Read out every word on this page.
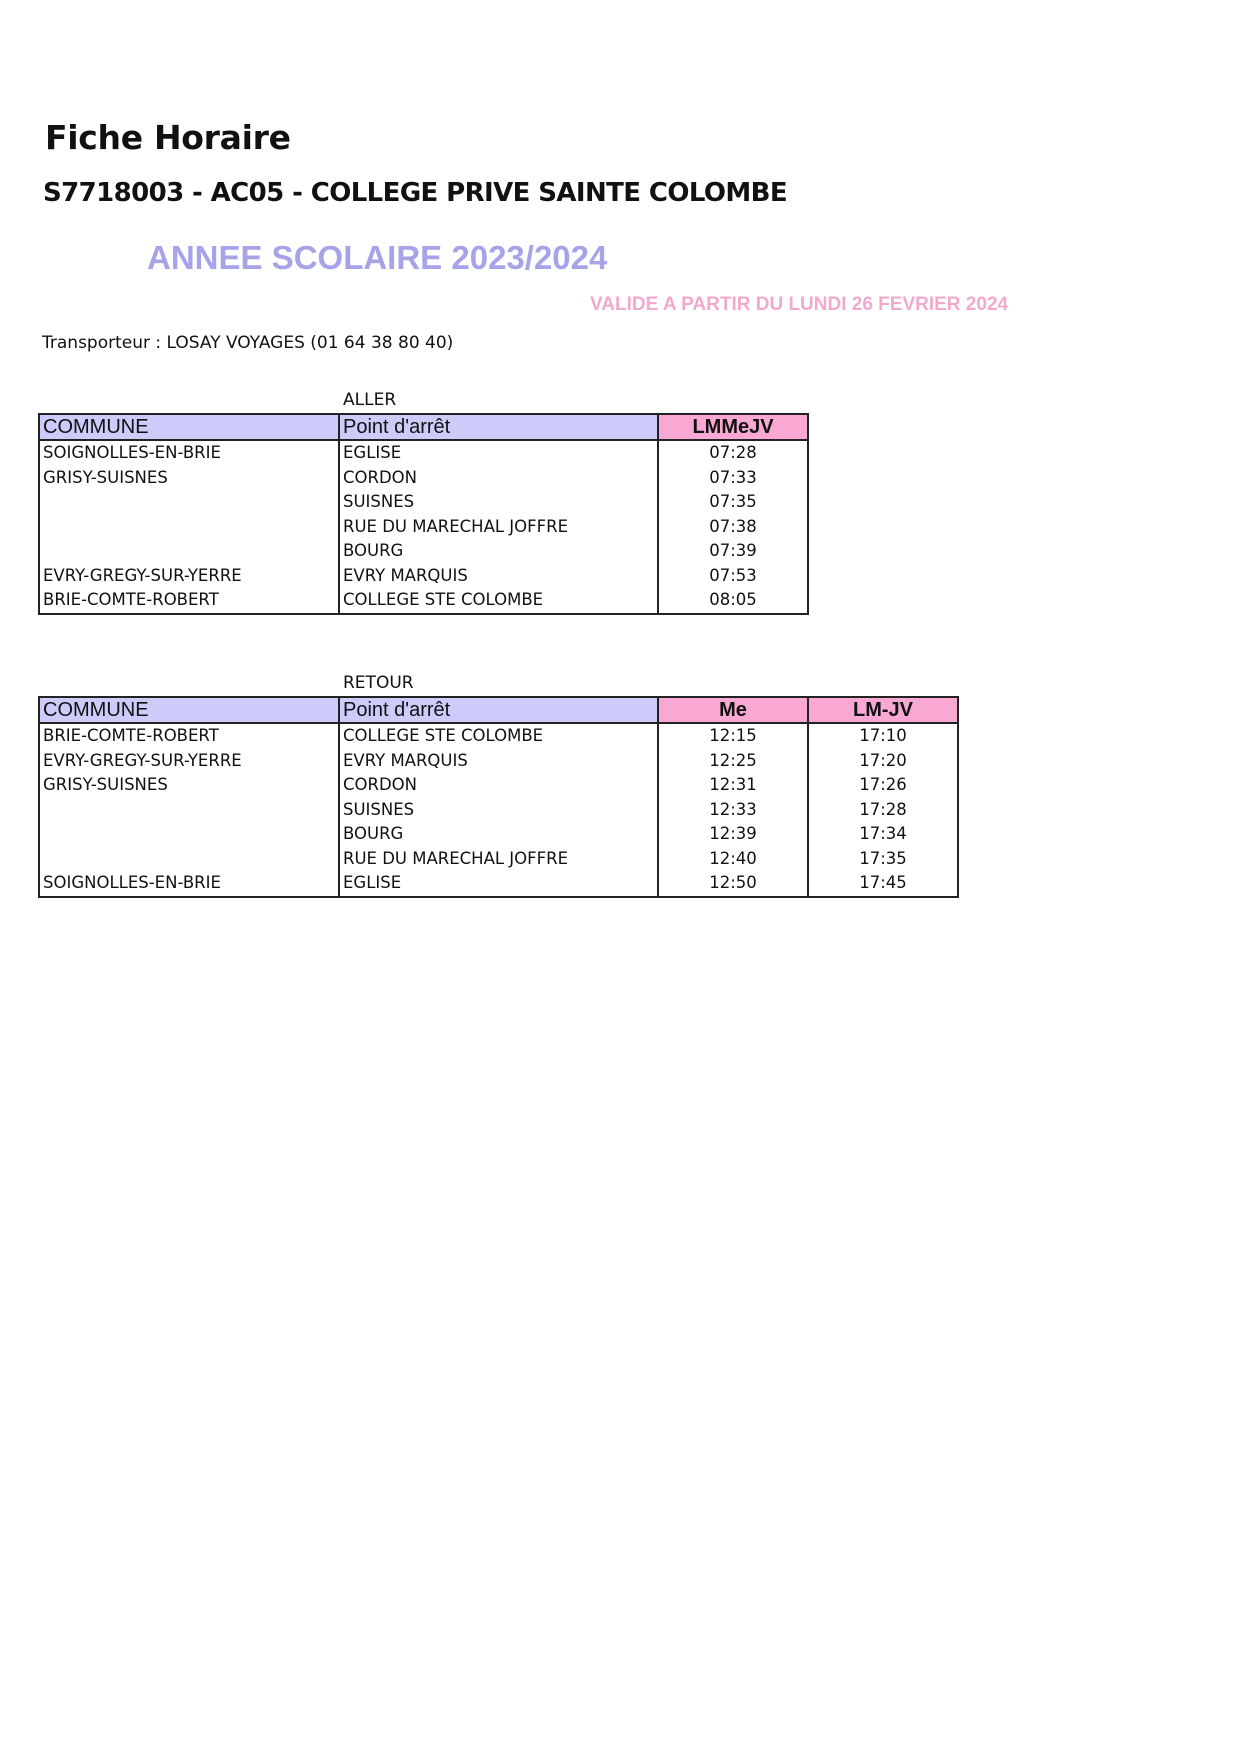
Fiche Horaire
S7718003 - AC05 - COLLEGE PRIVE SAINTE COLOMBE
ANNEE SCOLAIRE 2023/2024
VALIDE A PARTIR DU LUNDI 26 FEVRIER 2024
Transporteur : LOSAY VOYAGES (01 64 38 80 40)
ALLER
COMMUNE	Point d'arrêt	LMMeJV
SOIGNOLLES-EN-BRIE	EGLISE	07:28
GRISY-SUISNES	CORDON	07:33
	SUISNES	07:35
	RUE DU MARECHAL JOFFRE	07:38
	BOURG	07:39
EVRY-GREGY-SUR-YERRE	EVRY MARQUIS	07:53
BRIE-COMTE-ROBERT	COLLEGE STE COLOMBE	08:05
RETOUR
COMMUNE	Point d'arrêt	Me	LM-JV
BRIE-COMTE-ROBERT	COLLEGE STE COLOMBE	12:15	17:10
EVRY-GREGY-SUR-YERRE	EVRY MARQUIS	12:25	17:20
GRISY-SUISNES	CORDON	12:31	17:26
	SUISNES	12:33	17:28
	BOURG	12:39	17:34
	RUE DU MARECHAL JOFFRE	12:40	17:35
SOIGNOLLES-EN-BRIE	EGLISE	12:50	17:45
